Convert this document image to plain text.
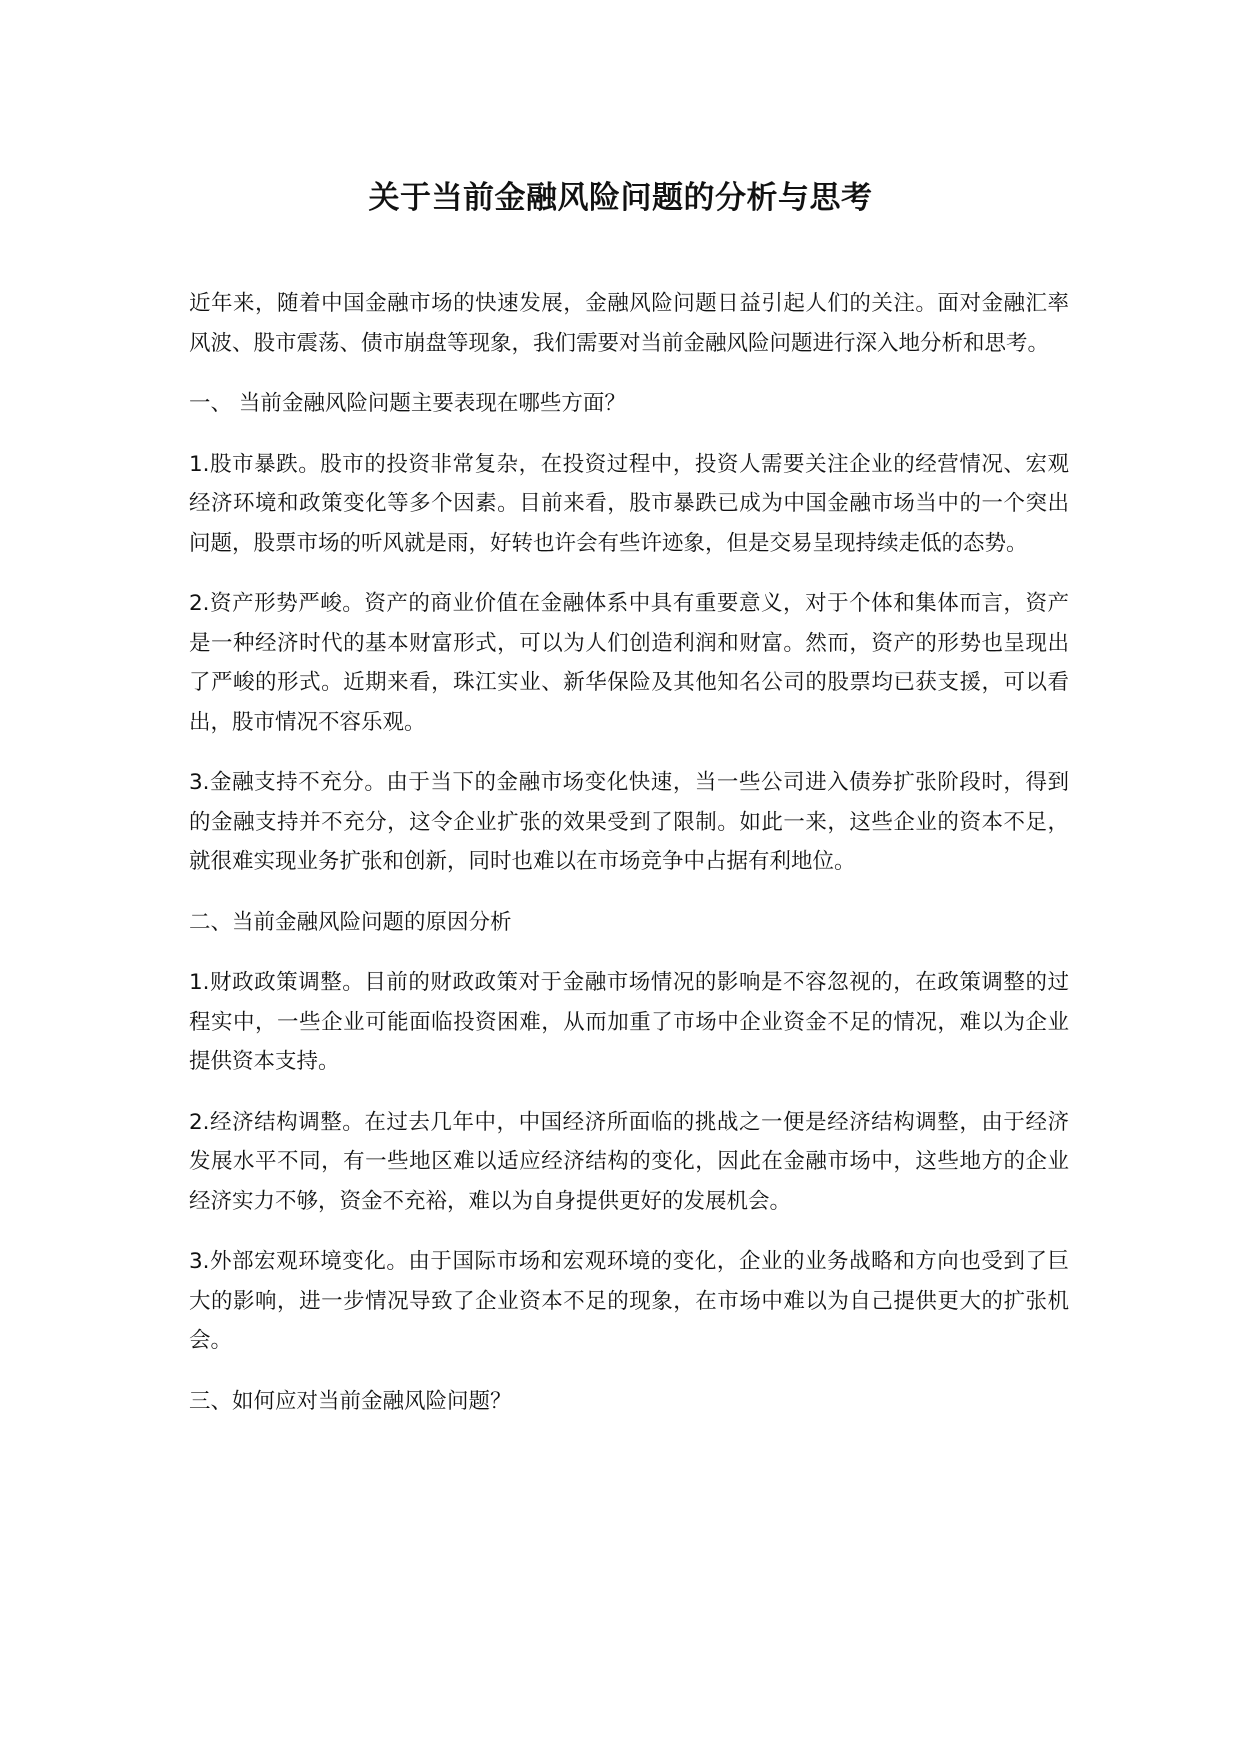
关于当前金融风险问题的分析与思考

近年来，随着中国金融市场的快速发展，金融风险问题日益引起人们的关注。面对金融汇率风波、股市震荡、债市崩盘等现象，我们需要对当前金融风险问题进行深入地分析和思考。

一、 当前金融风险问题主要表现在哪些方面？

1.股市暴跌。股市的投资非常复杂，在投资过程中，投资人需要关注企业的经营情况、宏观经济环境和政策变化等多个因素。目前来看，股市暴跌已成为中国金融市场当中的一个突出问题，股票市场的听风就是雨，好转也许会有些许迹象，但是交易呈现持续走低的态势。

2.资产形势严峻。资产的商业价值在金融体系中具有重要意义，对于个体和集体而言，资产是一种经济时代的基本财富形式，可以为人们创造利润和财富。然而，资产的形势也呈现出了严峻的形式。近期来看，珠江实业、新华保险及其他知名公司的股票均已获支援，可以看出，股市情况不容乐观。

3.金融支持不充分。由于当下的金融市场变化快速，当一些公司进入债券扩张阶段时，得到的金融支持并不充分，这令企业扩张的效果受到了限制。如此一来，这些企业的资本不足，就很难实现业务扩张和创新，同时也难以在市场竞争中占据有利地位。

二、当前金融风险问题的原因分析

1.财政政策调整。目前的财政政策对于金融市场情况的影响是不容忽视的，在政策调整的过程实中，一些企业可能面临投资困难，从而加重了市场中企业资金不足的情况，难以为企业提供资本支持。

2.经济结构调整。在过去几年中，中国经济所面临的挑战之一便是经济结构调整，由于经济发展水平不同，有一些地区难以适应经济结构的变化，因此在金融市场中，这些地方的企业经济实力不够，资金不充裕，难以为自身提供更好的发展机会。

3.外部宏观环境变化。由于国际市场和宏观环境的变化，企业的业务战略和方向也受到了巨大的影响，进一步情况导致了企业资本不足的现象，在市场中难以为自己提供更大的扩张机会。

三、如何应对当前金融风险问题？
